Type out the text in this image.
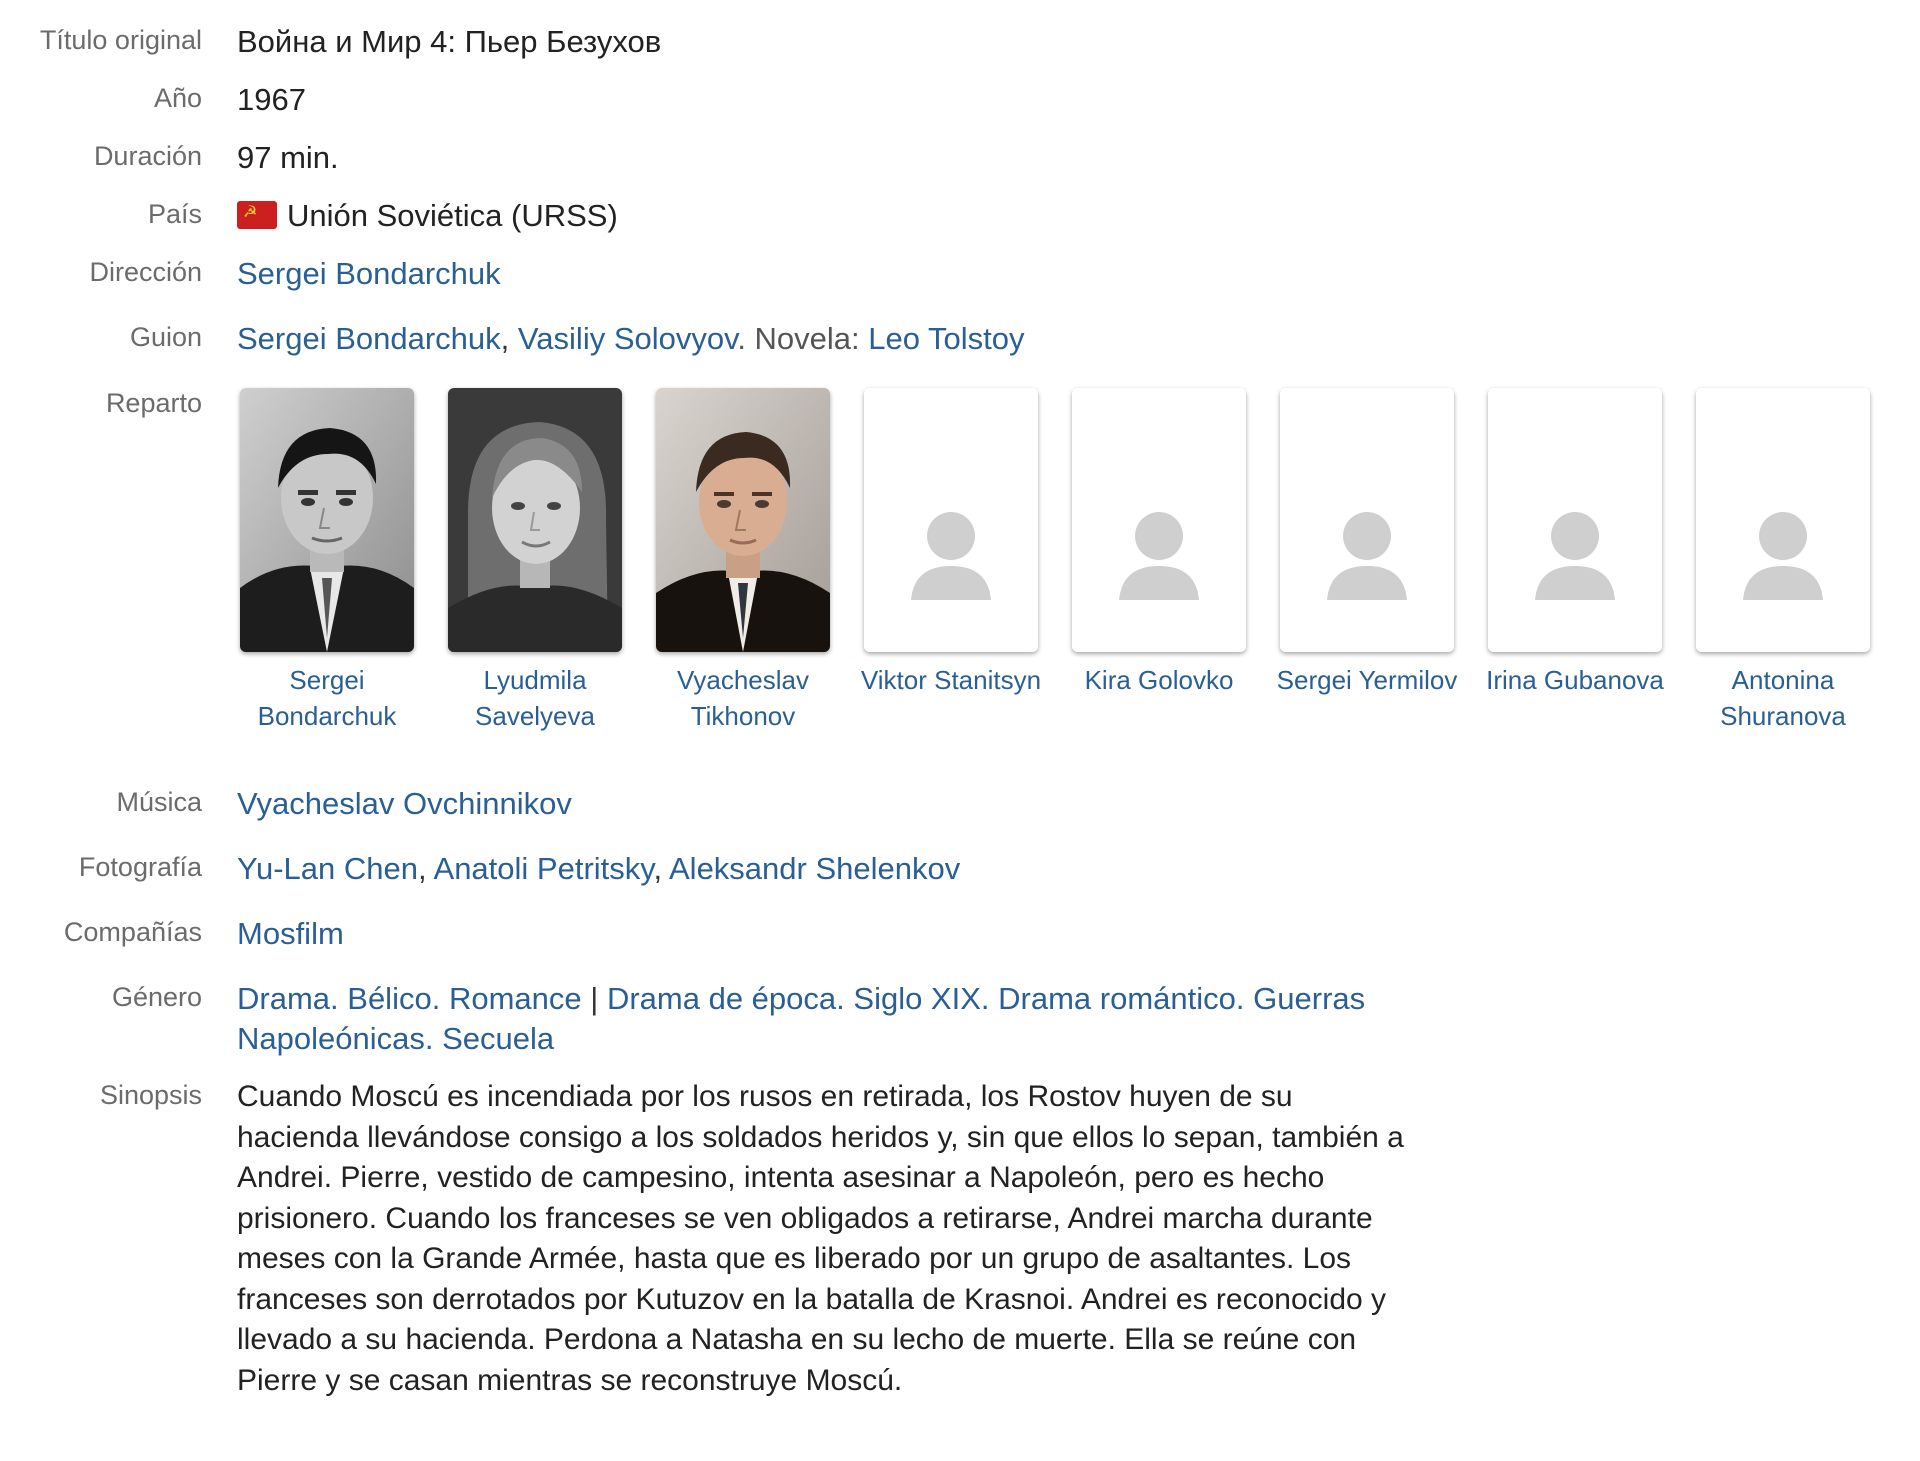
Título original Война и Мир 4: Пьер Безухов
Año 1967
Duración 97 min.
País	☭ Unión Soviética (URSS)
Dirección Sergei Bondarchuk
Guion Sergei Bondarchuk, Vasiliy Solovyov. Novela: Leo Tolstoy
Reparto
Sergei
Bondarchuk
Lyudmila
Savelyeva
Vyacheslav
Tikhonov
Viktor Stanitsyn	Kira Golovko	Sergei Yermilov	Irina Gubanova	Antonina
Shuranova
Música Vyacheslav Ovchinnikov
Fotografía Yu-Lan Chen, Anatoli Petritsky, Aleksandr Shelenkov
Compañías Mosfilm
Género Drama. Bélico. Romance | Drama de época. Siglo XIX. Drama romántico. Guerras Napoleónicas. Secuela
Sinopsis Cuando Moscú es incendiada por los rusos en retirada, los Rostov huyen de su hacienda llevándose consigo a los soldados heridos y, sin que ellos lo sepan, también a Andrei. Pierre, vestido de campesino, intenta asesinar a Napoleón, pero es hecho prisionero. Cuando los franceses se ven obligados a retirarse, Andrei marcha durante meses con la Grande Armée, hasta que es liberado por un grupo de asaltantes. Los franceses son derrotados por Kutuzov en la batalla de Krasnoi. Andrei es reconocido y llevado a su hacienda. Perdona a Natasha en su lecho de muerte. Ella se reúne con Pierre y se casan mientras se reconstruye Moscú.
